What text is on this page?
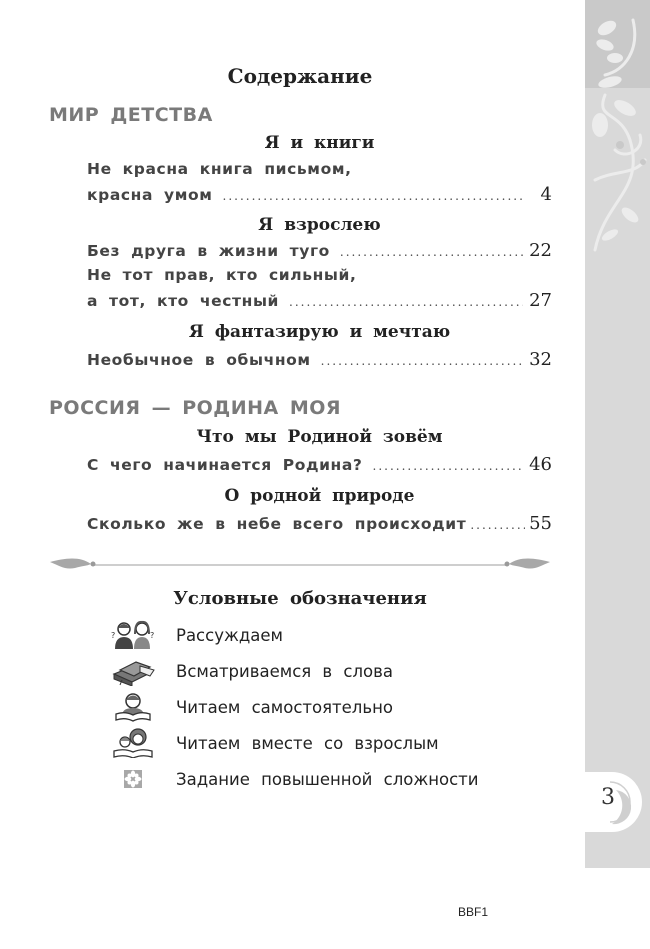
3
Содержание
МИР ДЕТСТВА
Я и книги
Не красна книга письмом,
красна умом .....	4
Я взрослею
Без друга в жизни туго .....	22
Не тот прав, кто сильный,
а тот, кто честный .....	27
Я фантазирую и мечтаю
Необычное в обычном .....	32
РОССИЯ — РОДИНА МОЯ
Что мы Родиной зовём
С чего начинается Родина? .....	46
О родной природе
Сколько же в небе всего происходит .....	55
Условные обозначения
?	? Рассуждаем
Всматриваемся в слова
Читаем самостоятельно
Читаем вместе со взрослым
Задание повышенной сложности
BBF1
